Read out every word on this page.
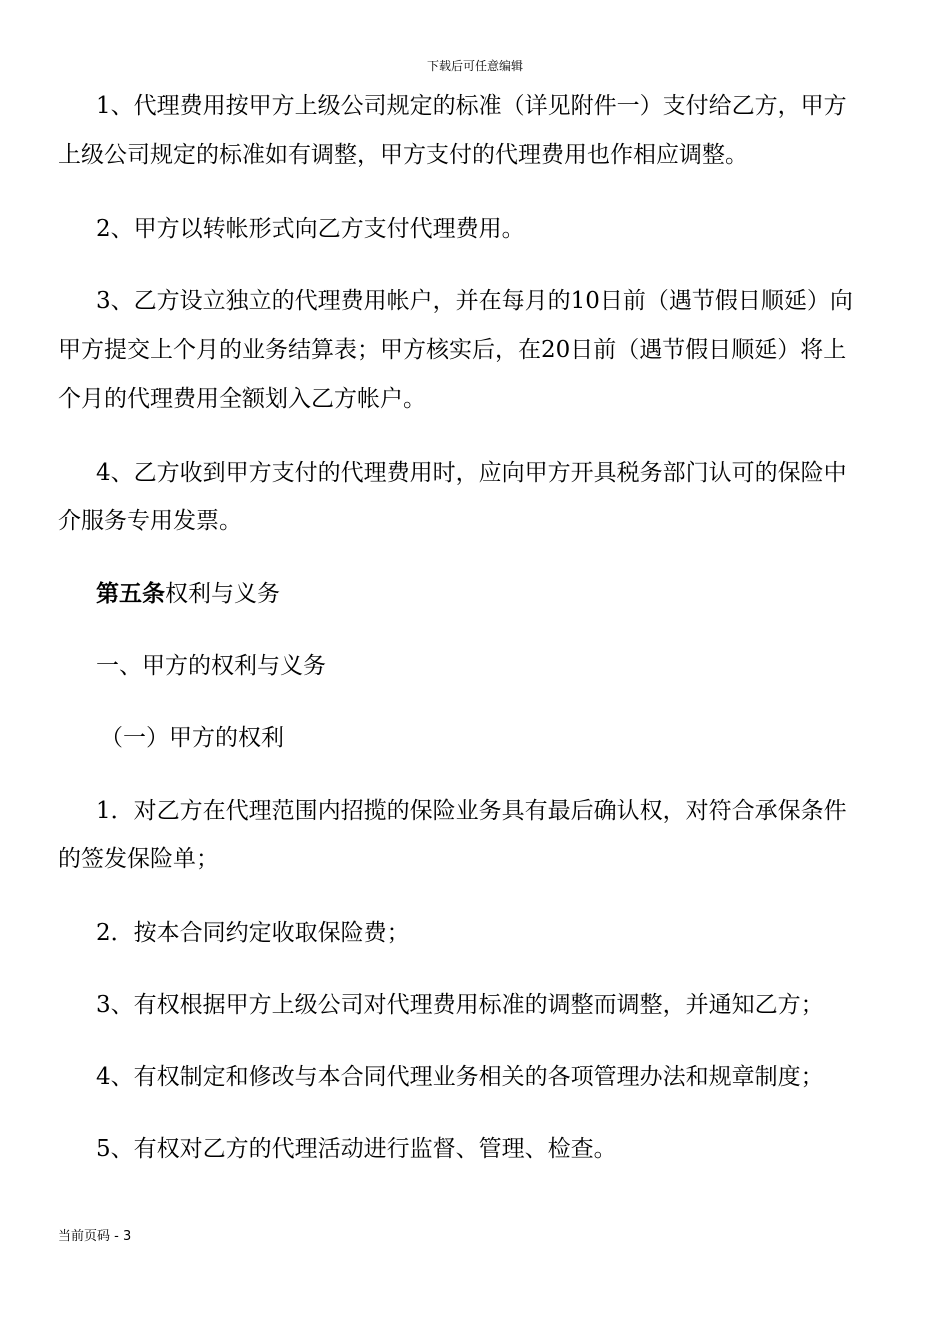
下载后可任意编辑
1、代理费用按甲方上级公司规定的标准（详见附件一）支付给乙方，甲方
上级公司规定的标准如有调整，甲方支付的代理费用也作相应调整。
2、甲方以转帐形式向乙方支付代理费用。
3、乙方设立独立的代理费用帐户，并在每月的10日前（遇节假日顺延）向
甲方提交上个月的业务结算表；甲方核实后，在20日前（遇节假日顺延）将上
个月的代理费用全额划入乙方帐户。
4、乙方收到甲方支付的代理费用时，应向甲方开具税务部门认可的保险中
介服务专用发票。
第五条权利与义务
一、甲方的权利与义务
（一）甲方的权利
1．对乙方在代理范围内招揽的保险业务具有最后确认权，对符合承保条件
的签发保险单；
2．按本合同约定收取保险费；
3、有权根据甲方上级公司对代理费用标准的调整而调整，并通知乙方；
4、有权制定和修改与本合同代理业务相关的各项管理办法和规章制度；
5、有权对乙方的代理活动进行监督、管理、检查。
当前页码 - 3
